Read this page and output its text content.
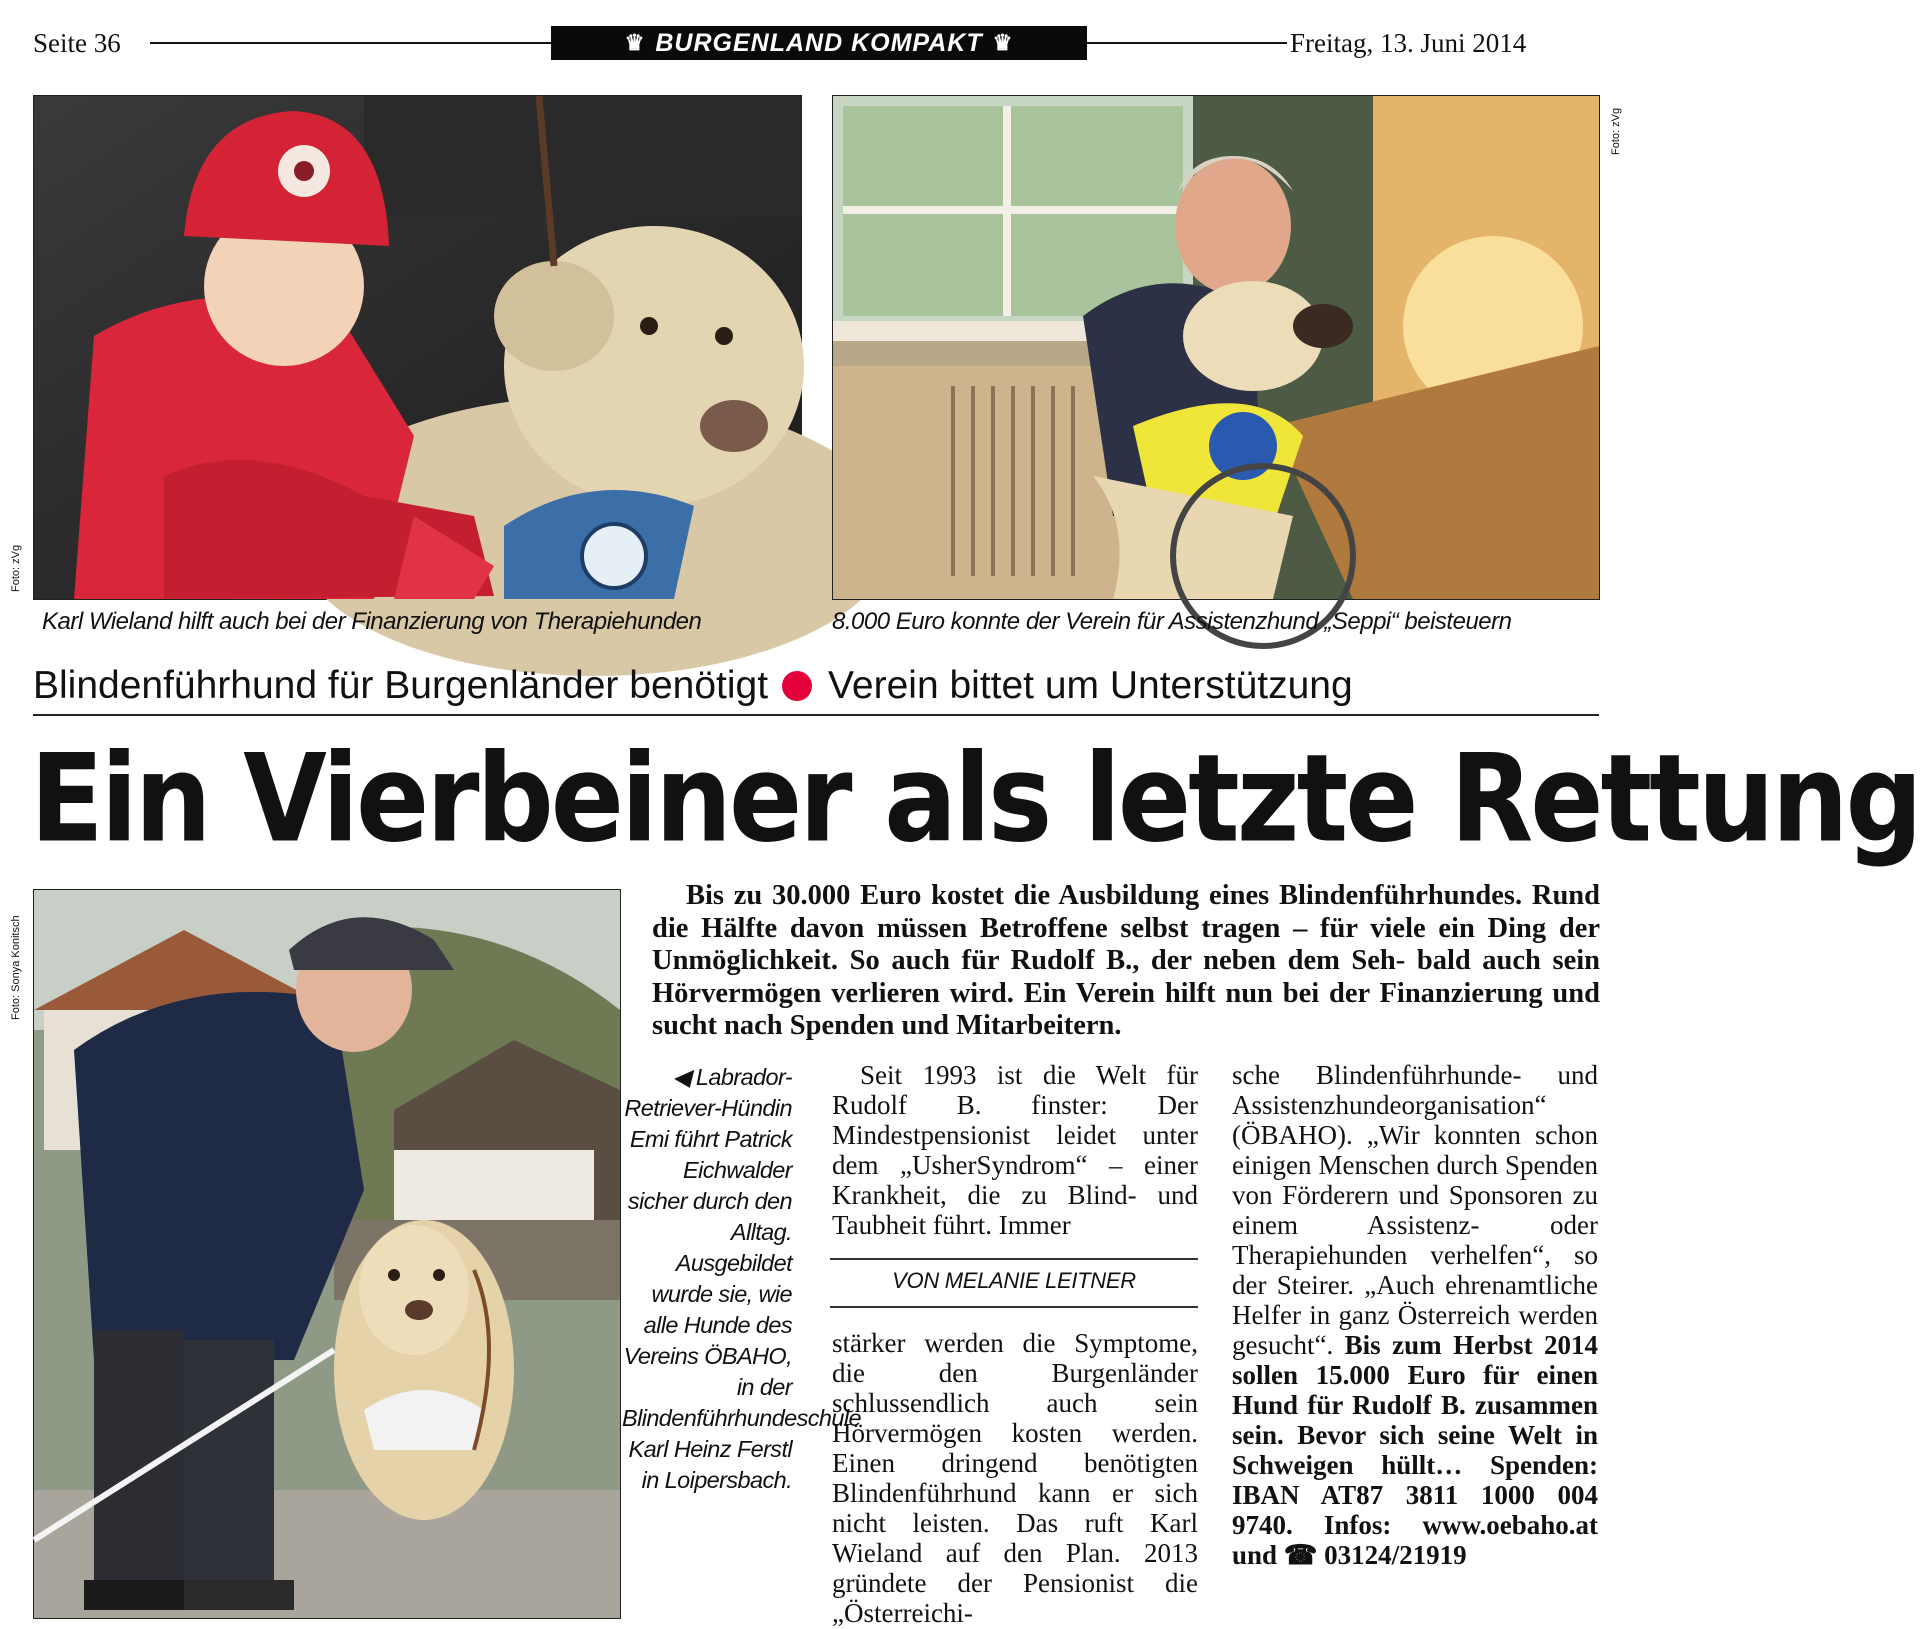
Seite 36	♛ BURGENLAND KOMPAKT ♛	Freitag, 13. Juni 2014
Foto: zVg
Karl Wieland hilft auch bei der Finanzierung von Therapiehunden
Foto: zVg
8.000 Euro konnte der Verein für Assistenzhund „Seppi“ beisteuern
Blindenführhund für Burgenländer benötigt Verein bittet um Unterstützung
Ein Vierbeiner als letzte Rettung
Foto: Sonya Konitsch
Bis zu 30.000 Euro kostet die Ausbildung eines Blindenführhundes. Rund die Hälfte davon müssen Betroffene selbst tragen – für viele ein Ding der Unmöglichkeit. So auch für Rudolf B., der neben dem Seh- bald auch sein Hörvermögen verlieren wird. Ein Verein hilft nun bei der Finanzierung und sucht nach Spenden und Mitarbeitern.
◀ Labrador-Retriever-Hündin Emi führt Patrick Eichwalder sicher durch den Alltag. Ausgebildet wurde sie, wie alle Hunde des Vereins ÖBAHO, in der Blindenführhundeschule Karl Heinz Ferstl in Loipersbach.
Seit 1993 ist die Welt für Rudolf B. finster: Der Mindestpensionist leidet unter dem „UsherSyndrom“ – einer Krankheit, die zu Blind- und Taubheit führt. Immer
VON MELANIE LEITNER
stärker werden die Symptome, die den Burgenländer schlussendlich auch sein Hörvermögen kosten werden. Einen dringend benötigten Blindenführhund kann er sich nicht leisten. Das ruft Karl Wieland auf den Plan. 2013 gründete der Pensionist die „Österreichi-
sche Blindenführhunde- und Assistenzhundeorganisation“ (ÖBAHO). „Wir konnten schon einigen Menschen durch Spenden von Förderern und Sponsoren zu einem Assistenz- oder Therapiehunden verhelfen“, so der Steirer. „Auch ehrenamtliche Helfer in ganz Österreich werden gesucht“. Bis zum Herbst 2014 sollen 15.000 Euro für einen Hund für Rudolf B. zusammen sein. Bevor sich seine Welt in Schweigen hüllt… Spenden: IBAN AT87 3811 1000 004 9740. Infos: www.oebaho.at und ☎ 03124/21919
